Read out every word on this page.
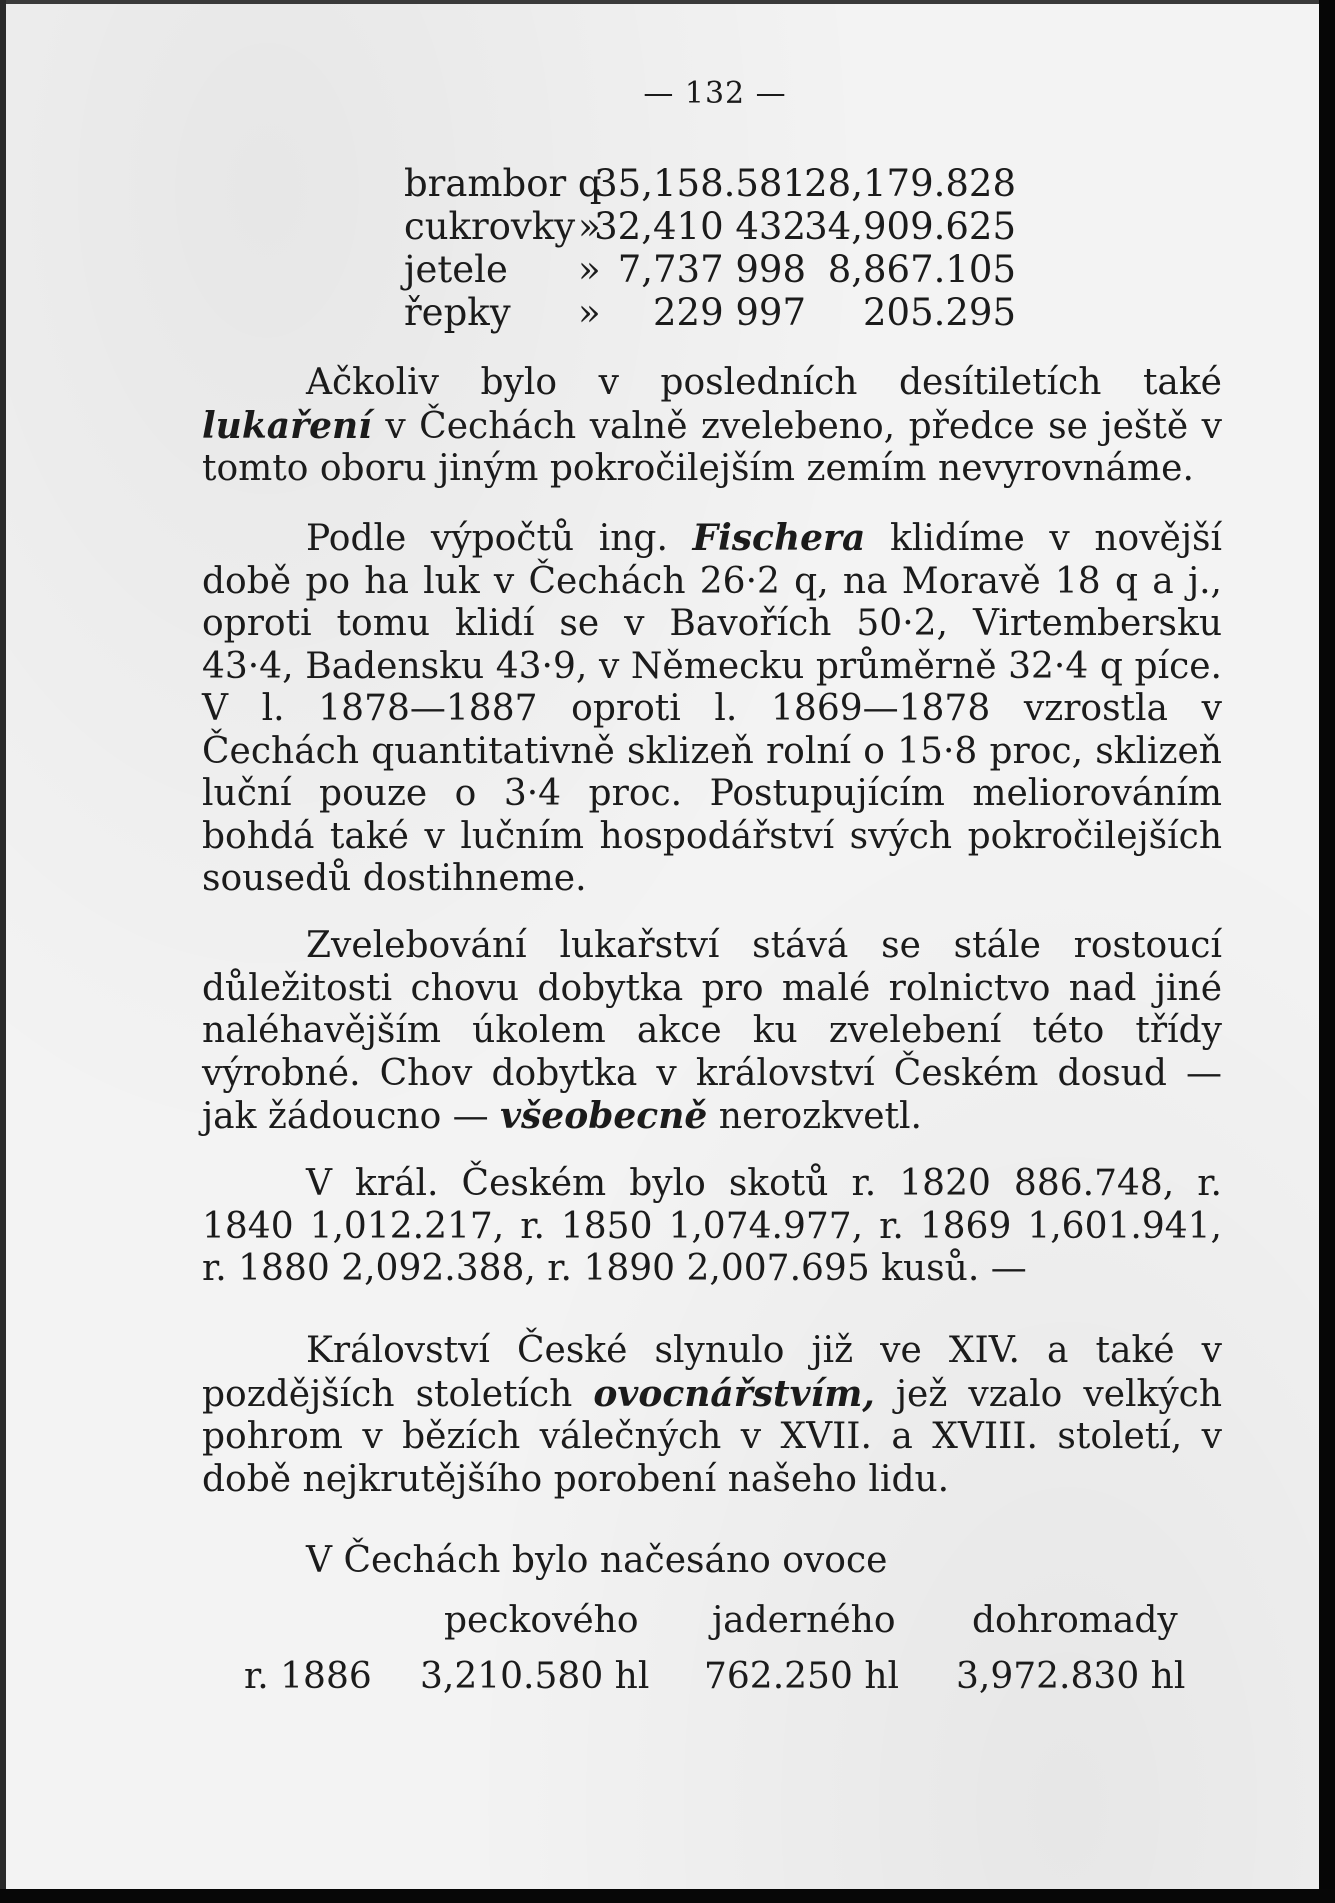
— 132 —
brambor q
35,158.581
28,179.828
cukrovky »
32,410 432
34,909.625
jetele » 7,737 998 8,867.105
řepky »	229 997	205.295
Ačkoliv bylo v posledních desítiletích také lukaření v Čechách valně zvelebeno, předce se ještě v tomto oboru jiným pokročilejším zemím nevyrovnáme.
Podle výpočtů ing. Fischera klidíme v novější době po ha luk v Čechách 26·2 q, na Moravě 18 q a j., oproti tomu klidí se v Bavořích 50·2, Virtembersku 43·4, Badensku 43·9, v Německu průměrně 32·4 q píce. V l. 1878—1887 oproti l. 1869—1878 vzrostla v Čechách quantitativně sklizeň rolní o 15·8 proc, sklizeň luční pouze o 3·4 proc. Postupujícím meliorováním bohdá také v lučním hospodářství svých pokročilejších sousedů dostihneme.
Zvelebování lukařství stává se stále rostoucí důležitosti chovu dobytka pro malé rolnictvo nad jiné naléhavějším úkolem akce ku zvelebení této třídy výrobné. Chov dobytka v království Českém dosud — jak žádoucno — všeobecně nerozkvetl.
V král. Českém bylo skotů r. 1820 886.748, r. 1840 1,012.217, r. 1850 1,074.977, r. 1869 1,601.941, r. 1880 2,092.388, r. 1890 2,007.695 kusů. —
Království České slynulo již ve XIV. a také v pozdějších stoletích ovocnářstvím, jež vzalo velkých pohrom v bězích válečných v XVII. a XVIII. století, v době nejkrutějšího porobení našeho lidu.
V Čechách bylo načesáno ovoce
peckového jaderného dohromady
r. 1886 3,210.580 hl 762.250 hl 3,972.830 hl
